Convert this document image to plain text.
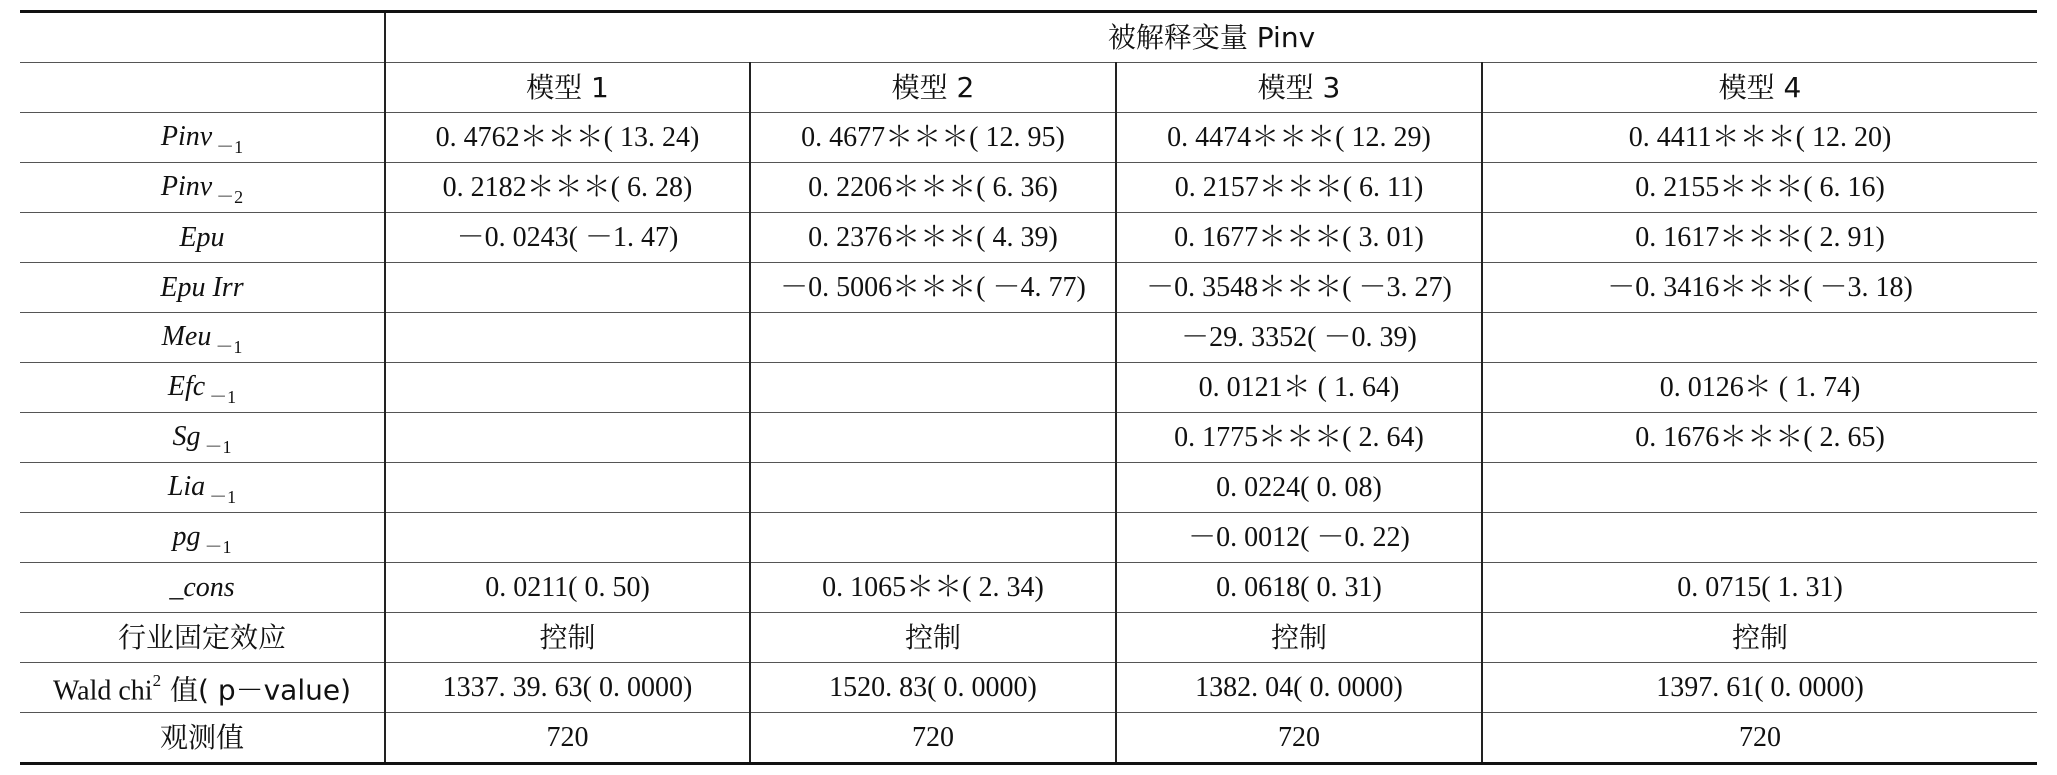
	被解释变量 Pinv			
	模型 1	模型 2	模型 3	模型 4
Pinv $_{-1}$	0. 4762＊＊＊( 13. 24)	0. 4677＊＊＊( 12. 95)	0. 4474＊＊＊( 12. 29)	0. 4411＊＊＊( 12. 20)
Pinv $_{-2}$	0. 2182＊＊＊( 6. 28)	0. 2206＊＊＊( 6. 36)	0. 2157＊＊＊( 6. 11)	0. 2155＊＊＊( 6. 16)
Epu	－0. 0243( －1. 47)	0. 2376＊＊＊( 4. 39)	0. 1677＊＊＊( 3. 01)	0. 1617＊＊＊( 2. 91)
Epu Irr		－0. 5006＊＊＊( －4. 77)	－0. 3548＊＊＊( －3. 27)	－0. 3416＊＊＊( －3. 18)
Meu $_{-1}$			－29. 3352( －0. 39)	
Efc $_{-1}$			0. 0121＊ ( 1. 64)	0. 0126＊ ( 1. 74)
Sg $_{-1}$			0. 1775＊＊＊( 2. 64)	0. 1676＊＊＊( 2. 65)
Lia $_{-1}$			0. 0224( 0. 08)	
pg $_{-1}$			－0. 0012( －0. 22)	
_cons	0. 0211( 0. 50)	0. 1065＊＊( 2. 34)	0. 0618( 0. 31)	0. 0715( 1. 31)
行业固定效应	控制	控制	控制	控制
Wald chi$^2$ 值( p－value)	1337. 39. 63( 0. 0000)	1520. 83( 0. 0000)	1382. 04( 0. 0000)	1397. 61( 0. 0000)
观测值	720	720	720	720
